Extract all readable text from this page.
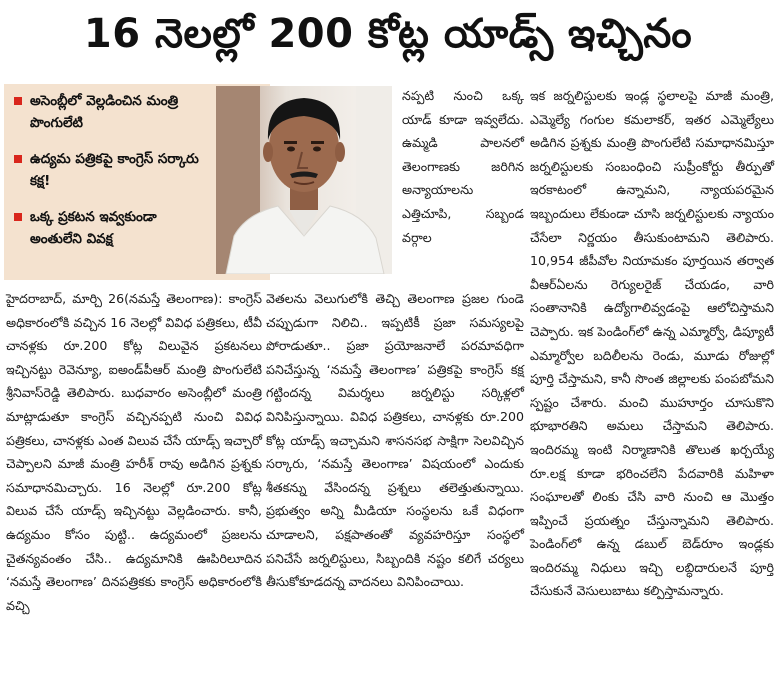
16 నెలల్లో 200 కోట్ల యాడ్స్ ఇచ్చినం
అసెంబ్లీలో వెల్లడించిన మంత్రి పొంగులేటి
ఉద్యమ పత్రికపై కాంగ్రెస్ సర్కారు కక్ష!
ఒక్క ప్రకటన ఇవ్వకుండా అంతులేని వివక్ష

నప్పటి నుంచి ఒక్క యాడ్ కూడా ఇవ్వలేదు. ఉమ్మడి పాలనలో తెలంగాణకు జరిగిన అన్యాయాలను ఎత్తిచూపి, సబ్బండ వర్గాల

హైదరాబాద్, మార్చి 26(నమస్తే తెలంగాణ): కాంగ్రెస్ అధికారంలోకి వచ్చిన 16 నెలల్లో వివిధ పత్రికలు, టీవీ చానళ్లకు రూ.200 కోట్ల విలువైన ప్రకటనలు ఇచ్చినట్టు రెవెన్యూ, ఐఅండ్‌పీఆర్ మంత్రి పొంగులేటి శ్రీనివాస్‌రెడ్డి తెలిపారు. బుధవారం అసెంబ్లీలో మంత్రి మాట్లాడుతూ కాంగ్రెస్ వచ్చినప్పటి నుంచి వివిధ పత్రికలు, చానళ్లకు ఎంత విలువ చేసే యాడ్స్ ఇచ్చారో చెప్పాలని మాజీ మంత్రి హరీశ్ రావు అడిగిన ప్రశ్నకు సమాధానమిచ్చారు. 16 నెలల్లో రూ.200 కోట్ల విలువ చేసే యాడ్స్ ఇచ్చినట్టు వెల్లడించారు. కానీ, ఉద్యమం కోసం పుట్టి.. ఉద్యమంలో ప్రజలను చైతన్యవంతం చేసి.. ఉద్యమానికి ఊపిరిలూదిన ‘నమస్తే తెలంగాణ’ దినపత్రికకు కాంగ్రెస్ అధికారంలోకి వచ్చి

వెతలను వెలుగులోకి తెచ్చి తెలంగాణ ప్రజల గుండె చప్పుడుగా నిలిచి.. ఇప్పటికీ ప్రజా సమస్యలపై పోరాడుతూ.. ప్రజా ప్రయోజనాలే పరమావధిగా పనిచేస్తున్న ‘నమస్తే తెలంగాణ’ పత్రికపై కాంగ్రెస్ కక్ష గట్టిందన్న విమర్శలు జర్నలిస్టు సర్కిళ్లలో వినిపిస్తున్నాయి. వివిధ పత్రికలు, చానళ్లకు రూ.200 కోట్ల యాడ్స్ ఇచ్చామని శాసనసభ సాక్షిగా సెలవిచ్చిన సర్కారు, ‘నమస్తే తెలంగాణ’ విషయంలో ఎందుకు శీతకన్ను వేసిందన్న ప్రశ్నలు తలెత్తుతున్నాయి. ప్రభుత్వం అన్ని మీడియా సంస్థలను ఒకే విధంగా చూడాలని, పక్షపాతంతో వ్యవహరిస్తూ సంస్థలో పనిచేసే జర్నలిస్టులు, సిబ్బందికి నష్టం కలిగే చర్యలు తీసుకోకూడదన్న వాదనలు వినిపించాయి.

ఇక జర్నలిస్టులకు ఇండ్ల స్థలాలపై మాజీ మంత్రి, ఎమ్మెల్యే గంగుల కమలాకర్, ఇతర ఎమ్మెల్యేలు అడిగిన ప్రశ్నకు మంత్రి పొంగులేటి సమాధానమిస్తూ జర్నలిస్టులకు సంబంధించి సుప్రీంకోర్టు తీర్పుతో ఇరకాటంలో ఉన్నామని, న్యాయపరమైన ఇబ్బందులు లేకుండా చూసి జర్నలిస్టులకు న్యాయం చేసేలా నిర్ణయం తీసుకుంటామని తెలిపారు. 10,954 జీపీవోల నియామకం పూర్తయిన తర్వాత వీఆర్‌ఏలను రెగ్యులరైజ్ చేయడం, వారి సంతానానికి ఉద్యోగాలివ్వడంపై ఆలోచిస్తామని చెప్పారు. ఇక పెండింగ్‌లో ఉన్న ఎమ్మార్వో, డిప్యూటీ ఎమ్మార్వోల బదిలీలను రెండు, మూడు రోజుల్లో పూర్తి చేస్తామని, కానీ సొంత జిల్లాలకు పంపబోమని స్పష్టం చేశారు. మంచి ముహూర్తం చూసుకొని భూభారతిని అమలు చేస్తామని తెలిపారు. ఇందిరమ్మ ఇంటి నిర్మాణానికి తొలుత ఖర్చయ్యే రూ.లక్ష కూడా భరించలేని పేదవారికి మహిళా సంఘాలతో లింకు చేసి వారి నుంచి ఆ మొత్తం ఇప్పించే ప్రయత్నం చేస్తున్నామని తెలిపారు. పెండింగ్‌లో ఉన్న డబుల్ బెడ్‌రూం ఇండ్లకు ఇందిరమ్మ నిధులు ఇచ్చి లబ్ధిదారులనే పూర్తి చేసుకునే వెసులుబాటు కల్పిస్తామన్నారు.
